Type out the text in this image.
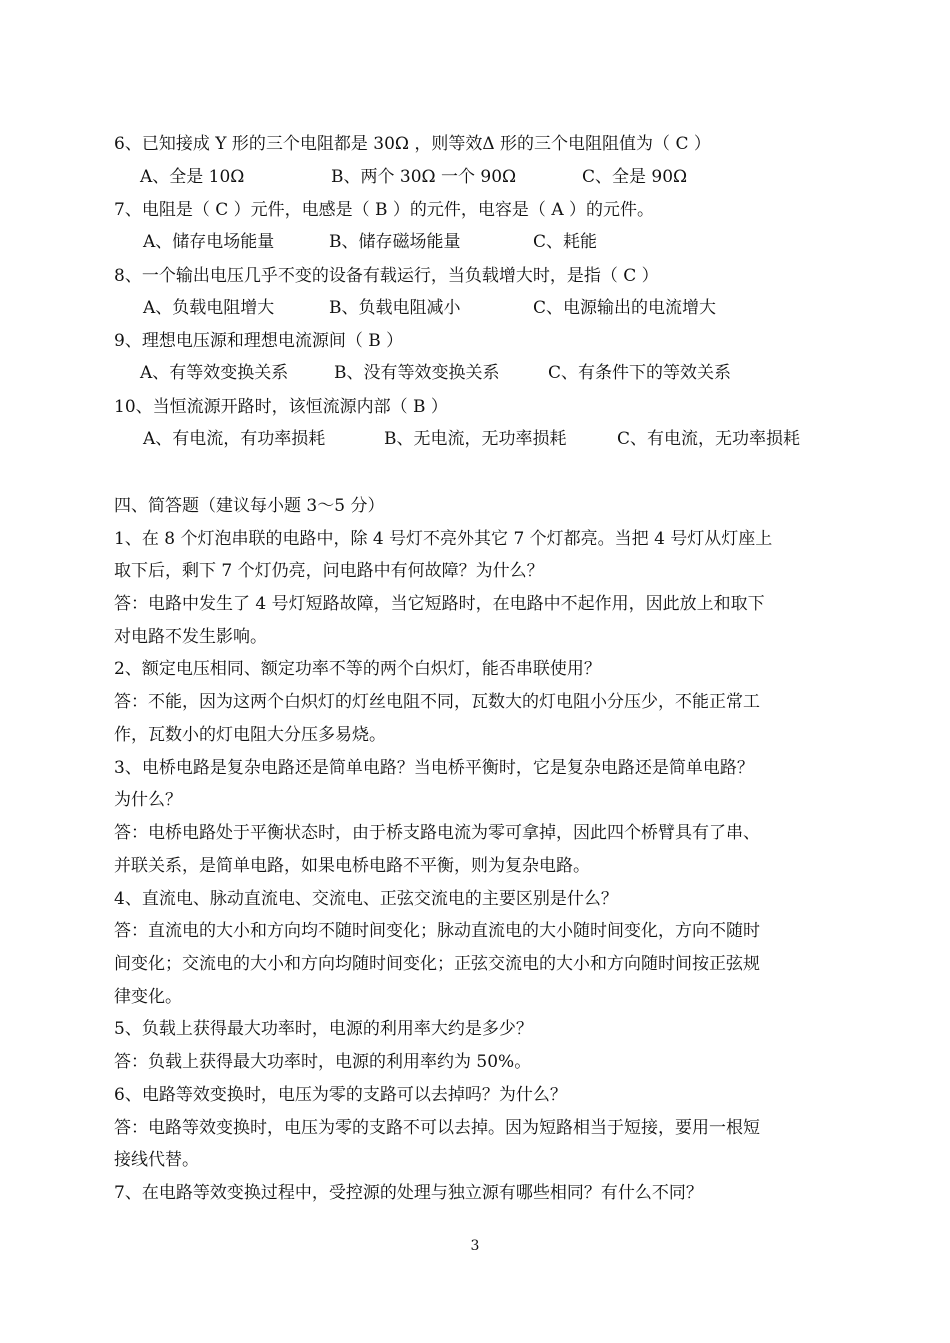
6、已知接成 Y 形的三个电阻都是 30Ω ，则等效Δ 形的三个电阻阻值为（ C ）
A、全是 10Ω	B、两个 30Ω 一个 90Ω	C、全是 90Ω
7、电阻是（ C ）元件，电感是（ B ）的元件，电容是（ A ）的元件。
A、储存电场能量	B、储存磁场能量	C、耗能
8、一个输出电压几乎不变的设备有载运行，当负载增大时，是指（ C ）
A、负载电阻增大	B、负载电阻减小	C、电源输出的电流增大
9、理想电压源和理想电流源间（ B ）
A、有等效变换关系	B、没有等效变换关系	C、有条件下的等效关系
10、当恒流源开路时，该恒流源内部（ B ）
A、有电流，有功率损耗	B、无电流，无功率损耗	C、有电流，无功率损耗
四、简答题（建议每小题 3～5 分）
1、在 8 个灯泡串联的电路中，除 4 号灯不亮外其它 7 个灯都亮。当把 4 号灯从灯座上
取下后，剩下 7 个灯仍亮，问电路中有何故障？为什么？
答：电路中发生了 4 号灯短路故障，当它短路时，在电路中不起作用，因此放上和取下
对电路不发生影响。
2、额定电压相同、额定功率不等的两个白炽灯，能否串联使用？
答：不能，因为这两个白炽灯的灯丝电阻不同，瓦数大的灯电阻小分压少，不能正常工
作，瓦数小的灯电阻大分压多易烧。
3、电桥电路是复杂电路还是简单电路？当电桥平衡时，它是复杂电路还是简单电路？
为什么？
答：电桥电路处于平衡状态时，由于桥支路电流为零可拿掉，因此四个桥臂具有了串、
并联关系，是简单电路，如果电桥电路不平衡，则为复杂电路。
4、直流电、脉动直流电、交流电、正弦交流电的主要区别是什么？
答：直流电的大小和方向均不随时间变化；脉动直流电的大小随时间变化，方向不随时
间变化；交流电的大小和方向均随时间变化；正弦交流电的大小和方向随时间按正弦规
律变化。
5、负载上获得最大功率时，电源的利用率大约是多少？
答：负载上获得最大功率时，电源的利用率约为 50%。
6、电路等效变换时，电压为零的支路可以去掉吗？为什么？
答：电路等效变换时，电压为零的支路不可以去掉。因为短路相当于短接，要用一根短
接线代替。
7、在电路等效变换过程中，受控源的处理与独立源有哪些相同？有什么不同？
3
